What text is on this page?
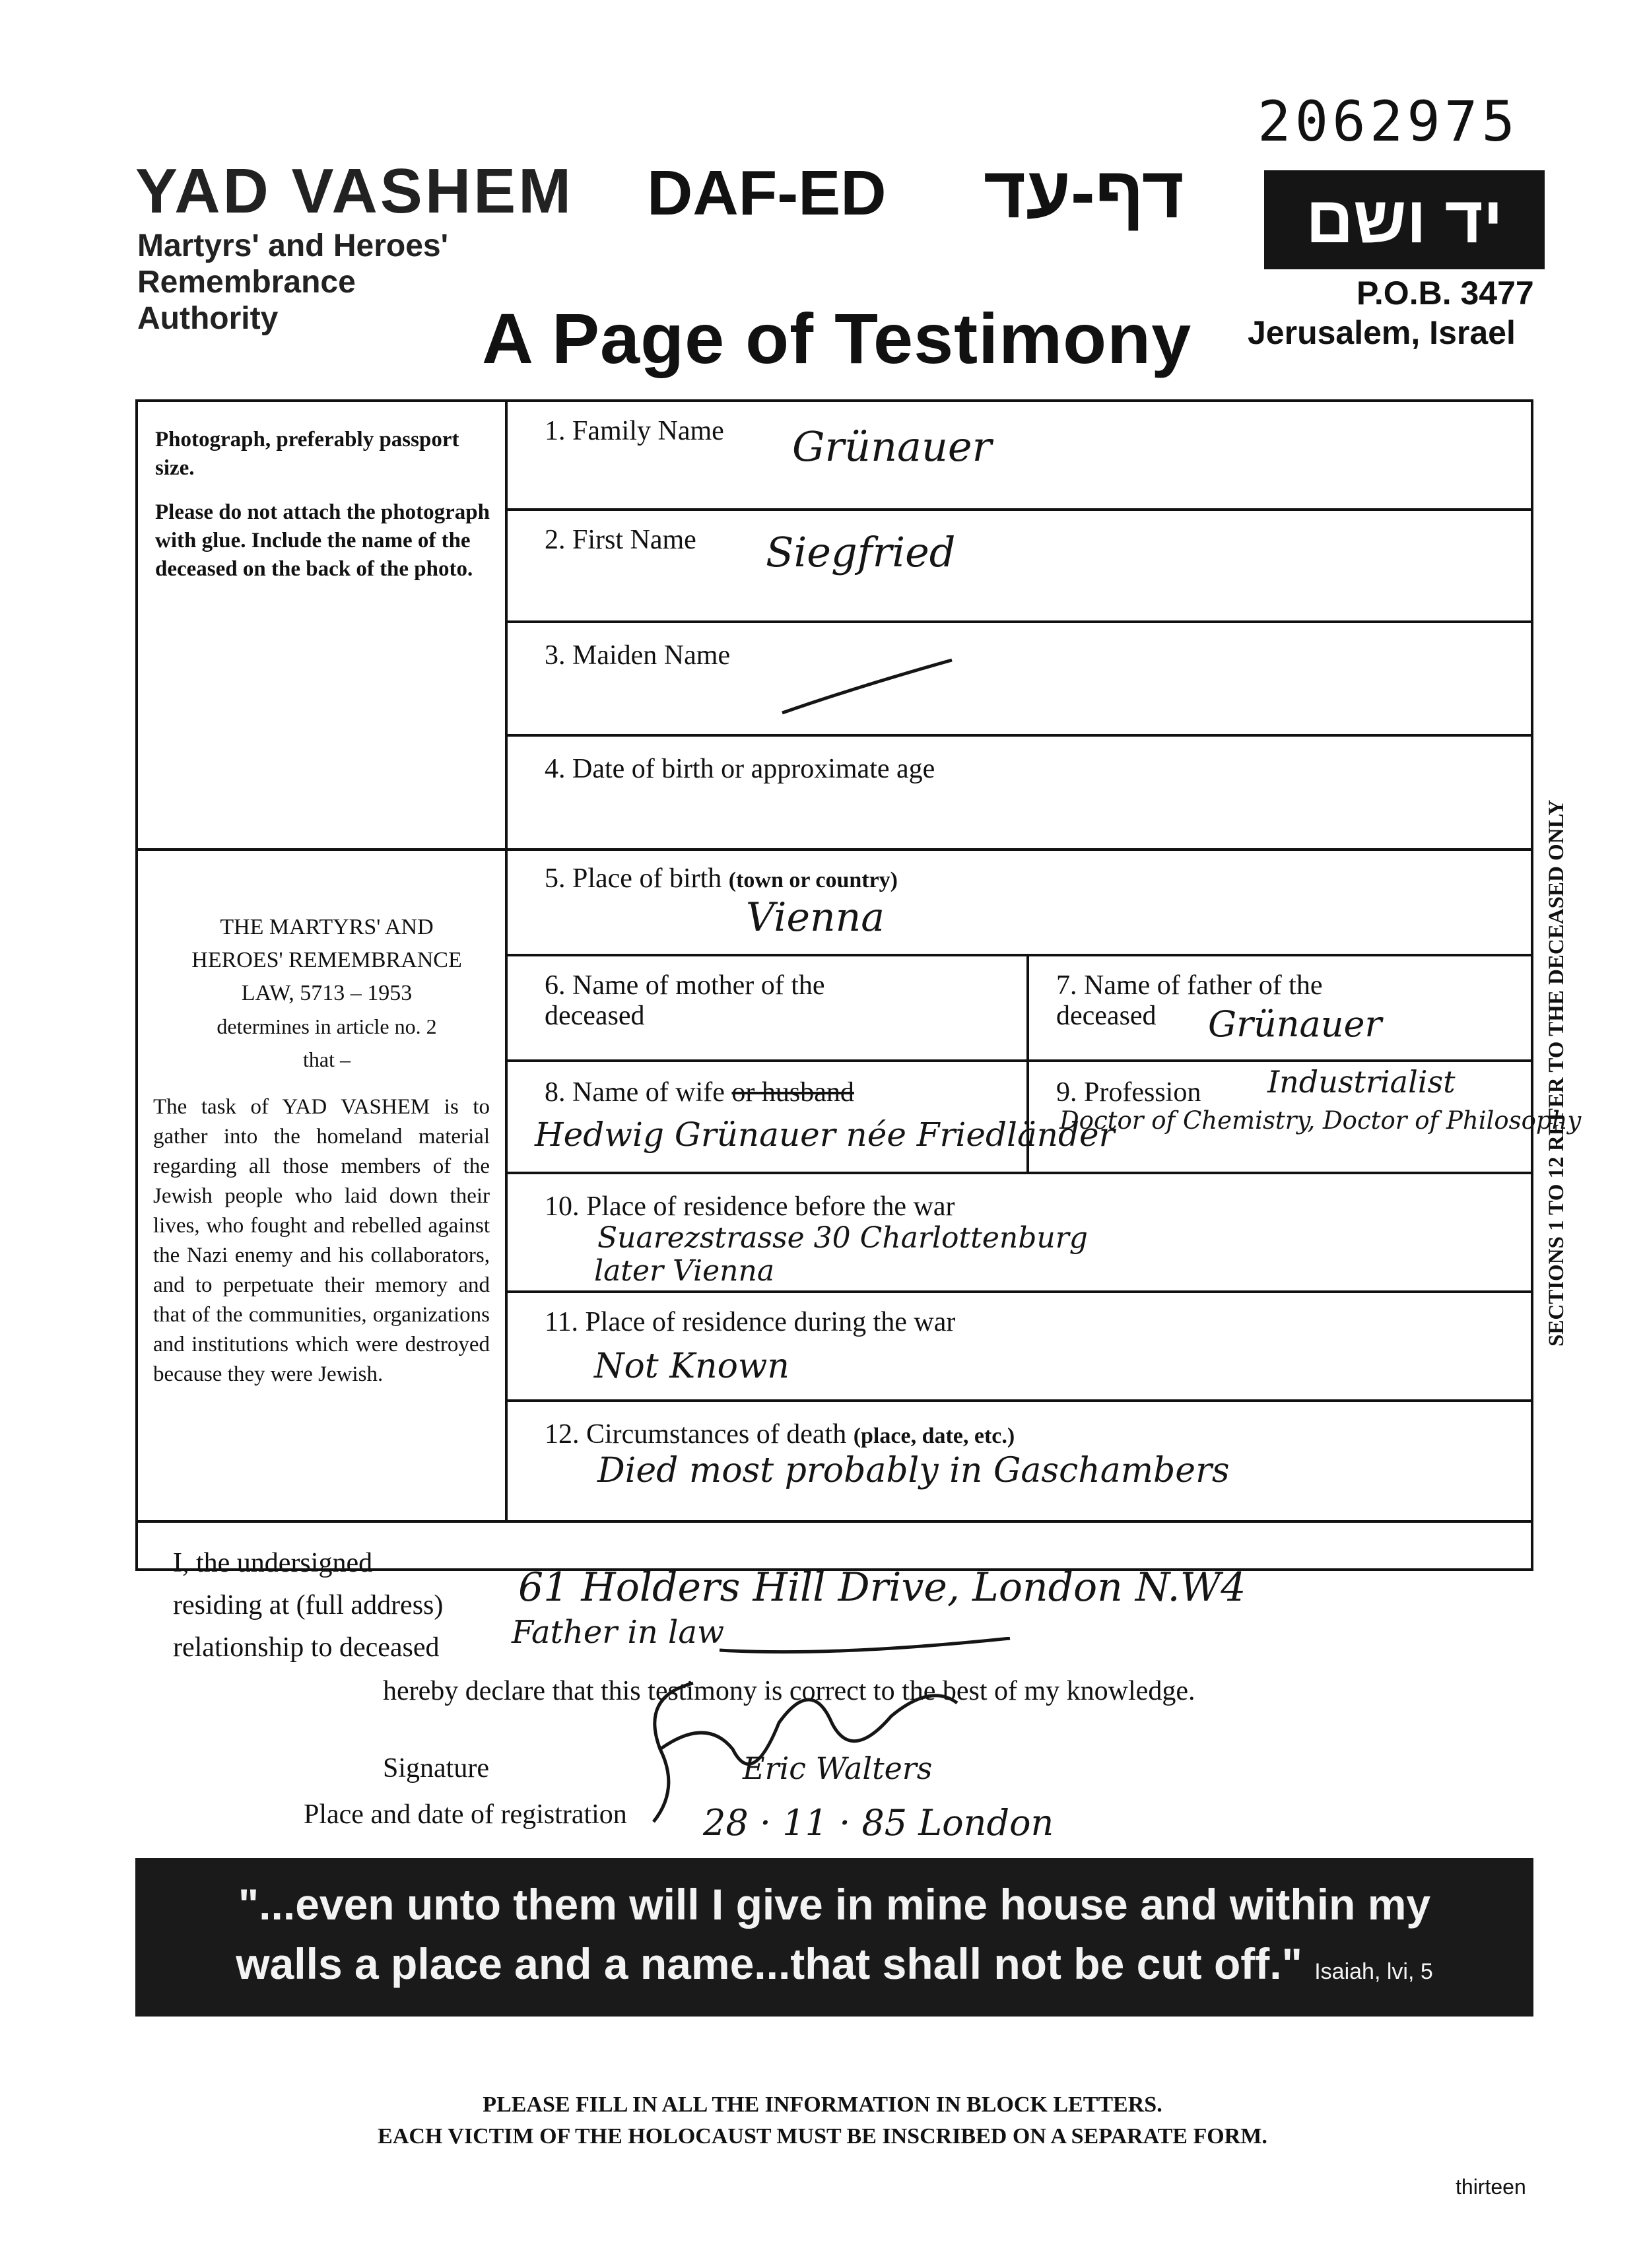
2062975
YAD VASHEM
Martyrs' and Heroes'
Remembrance
Authority
DAF-ED דף-עד	יד ושם
P.O.B. 3477
Jerusalem, Israel
A Page of Testimony
Photograph, preferably passport size.
Please do not attach the photograph with glue. Include the name of the deceased on the back of the photo.
THE MARTYRS' AND
HEROES' REMEMBRANCE
LAW, 5713 – 1953
determines in article no. 2
that –
The task of YAD VASHEM is to gather into the homeland material regarding all those members of the Jewish people who laid down their lives, who fought and rebelled against the Nazi enemy and his collaborators, and to perpetuate their memory and that of the communities, organizations and institutions which were destroyed because they were Jewish.
1. Family Name Grünauer
2. First Name Siegfried
3. Maiden Name
4. Date of birth or approximate age
5. Place of birth (town or country)
Vienna
6. Name of mother of the
deceased
7. Name of father of the
deceased	Grünauer
8. Name of wife or husband
Hedwig Grünauer née Friedländer
9. Profession Industrialist
Doctor of Chemistry, Doctor of Philosophy
10. Place of residence before the war
Suarezstrasse 30 Charlottenburg
later Vienna
11. Place of residence during the war
Not Known
12. Circumstances of death (place, date, etc.)
Died most probably in Gaschambers
I, the undersigned
residing at (full address)
relationship to deceased
61 Holders Hill Drive, London N.W4
Father in law
hereby declare that this testimony is correct to the best of my knowledge.
Signature	Eric Walters
Place and date of registration 28 · 11 · 85 London
SECTIONS 1 TO 12 REFER TO THE DECEASED ONLY
"...even unto them will I give in mine house and within my
walls a place and a name...that shall not be cut off." Isaiah, lvi, 5
PLEASE FILL IN ALL THE INFORMATION IN BLOCK LETTERS.
EACH VICTIM OF THE HOLOCAUST MUST BE INSCRIBED ON A SEPARATE FORM.
thirteen
